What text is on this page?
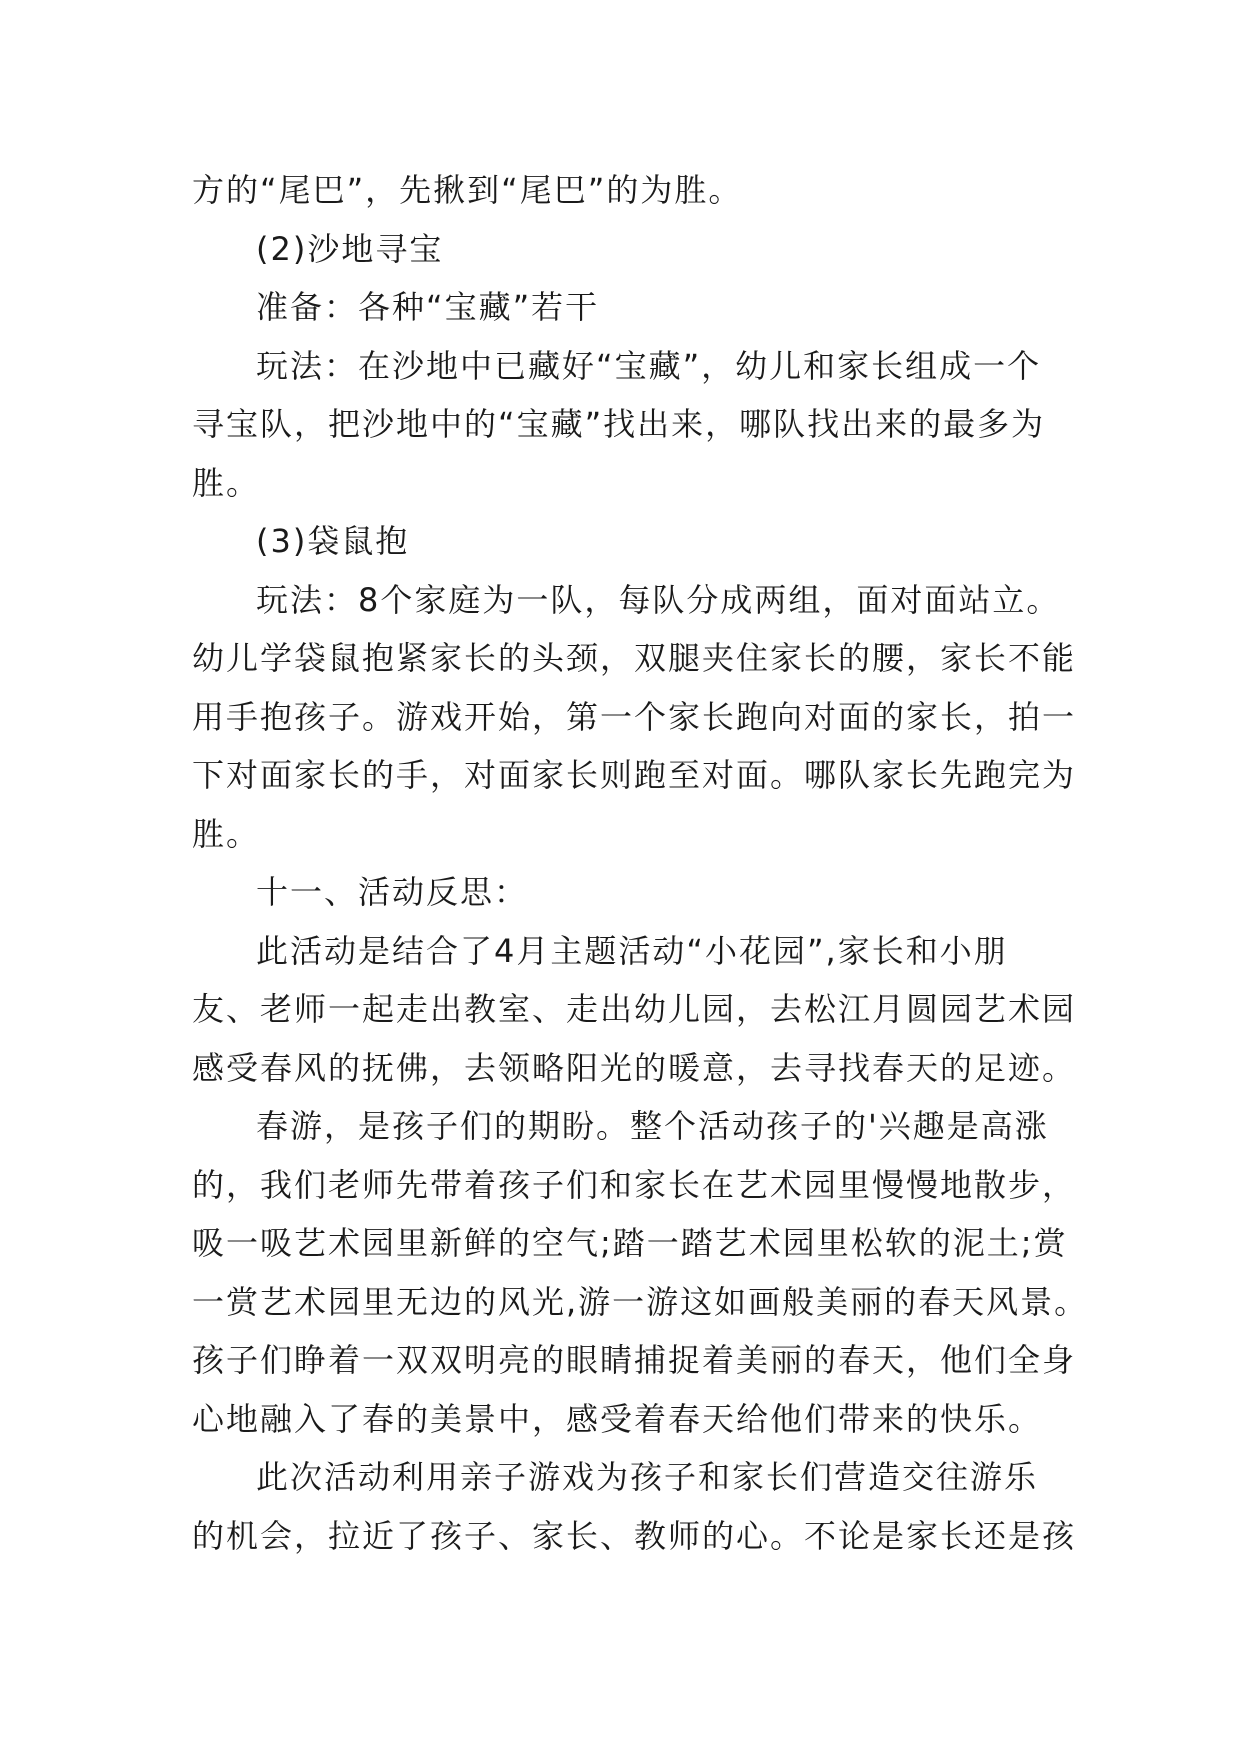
方的“尾巴”，先揪到“尾巴”的为胜。
(2)沙地寻宝
准备：各种“宝藏”若干
玩法：在沙地中已藏好“宝藏”，幼儿和家长组成一个
寻宝队，把沙地中的“宝藏”找出来，哪队找出来的最多为
胜。
(3)袋鼠抱
玩法：8个家庭为一队，每队分成两组，面对面站立。
幼儿学袋鼠抱紧家长的头颈，双腿夹住家长的腰，家长不能
用手抱孩子。游戏开始，第一个家长跑向对面的家长，拍一
下对面家长的手，对面家长则跑至对面。哪队家长先跑完为
胜。
十一、活动反思：
此活动是结合了4月主题活动“小花园”,家长和小朋
友、老师一起走出教室、走出幼儿园，去松江月圆园艺术园
感受春风的抚佛，去领略阳光的暖意，去寻找春天的足迹。
春游，是孩子们的期盼。整个活动孩子的'兴趣是高涨
的，我们老师先带着孩子们和家长在艺术园里慢慢地散步，
吸一吸艺术园里新鲜的空气;踏一踏艺术园里松软的泥土;赏
一赏艺术园里无边的风光,游一游这如画般美丽的春天风景。
孩子们睁着一双双明亮的眼睛捕捉着美丽的春天，他们全身
心地融入了春的美景中，感受着春天给他们带来的快乐。
此次活动利用亲子游戏为孩子和家长们营造交往游乐
的机会，拉近了孩子、家长、教师的心。不论是家长还是孩
